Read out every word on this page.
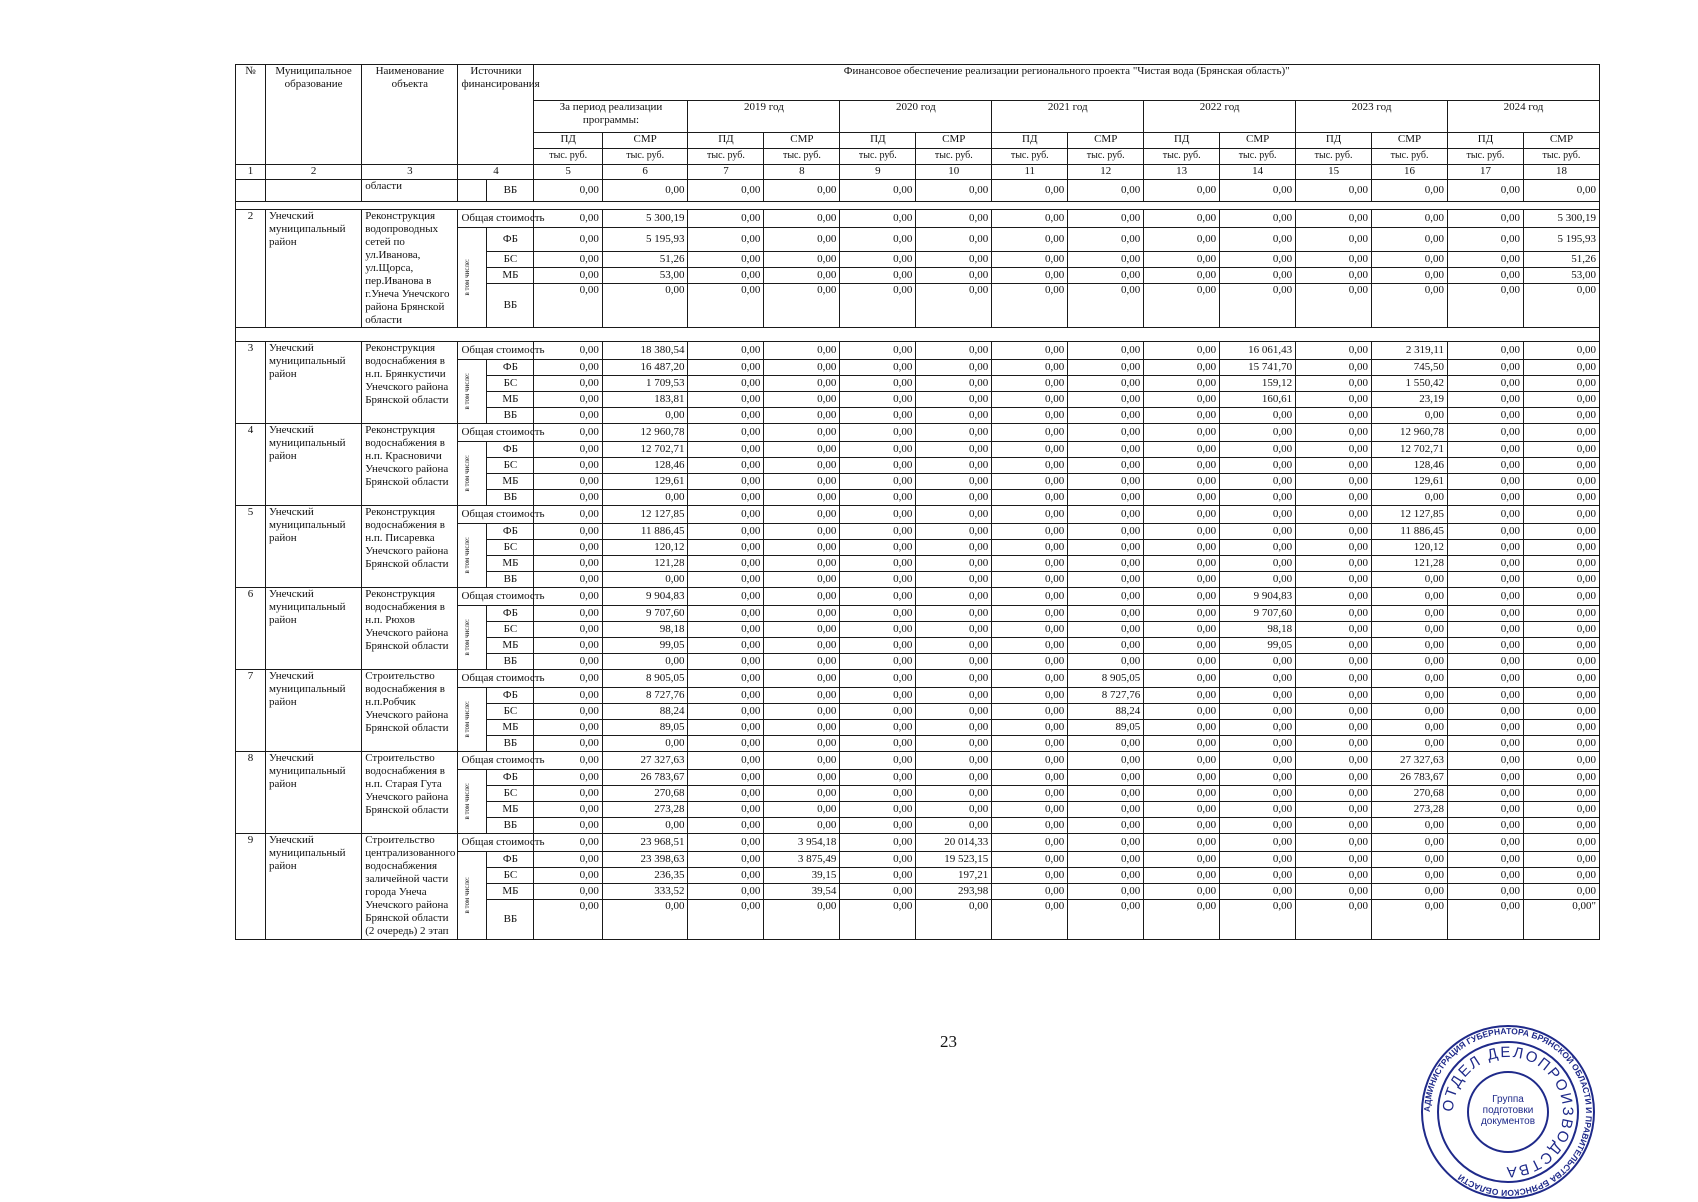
№	Муниципальное образование	Наименование объекта	Источники финансирования		Финансовое обеспечение реализации регионального проекта "Чистая вода (Брянская область)"													
					За период реализации программы:		2019 год		2020 год		2021 год		2022 год		2023 год		2024 год	
					ПД	СМР	ПД	СМР	ПД	СМР	ПД	СМР	ПД	СМР	ПД	СМР	ПД	СМР
					тыс. руб.	тыс. руб.	тыс. руб.	тыс. руб.	тыс. руб.	тыс. руб.	тыс. руб.	тыс. руб.	тыс. руб.	тыс. руб.	тыс. руб.	тыс. руб.	тыс. руб.	тыс. руб.
1	2	3	4		5	6	7	8	9	10	11	12	13	14	15	16	17	18
		области		ВБ	0,00	0,00	0,00	0,00	0,00	0,00	0,00	0,00	0,00	0,00	0,00	0,00	0,00	0,00

2	Унечский муниципальный район	Реконструкция водопроводных сетей по ул.Иванова, ул.Щорса, пер.Иванова в г.Унеча Унечского района Брянской области	Общая стоимость		0,00	5 300,19	0,00	0,00	0,00	0,00	0,00	0,00	0,00	0,00	0,00	0,00	0,00	5 300,19

			в том числе:	ФБ	0,00	5 195,93	0,00	0,00	0,00	0,00	0,00	0,00	0,00	0,00	0,00	0,00	0,00	5 195,93
				БС	0,00	51,26	0,00	0,00	0,00	0,00	0,00	0,00	0,00	0,00	0,00	0,00	0,00	51,26
				МБ	0,00	53,00	0,00	0,00	0,00	0,00	0,00	0,00	0,00	0,00	0,00	0,00	0,00	53,00
				ВБ	0,00	0,00	0,00	0,00	0,00	0,00	0,00	0,00	0,00	0,00	0,00	0,00	0,00	0,00

3	Унечский муниципальный район	Реконструкция водоснабжения в н.п. Брянкустичи Унечского района Брянской области	Общая стоимость		0,00	18 380,54	0,00	0,00	0,00	0,00	0,00	0,00	0,00	16 061,43	0,00	2 319,11	0,00	0,00

			в том числе:	ФБ	0,00	16 487,20	0,00	0,00	0,00	0,00	0,00	0,00	0,00	15 741,70	0,00	745,50	0,00	0,00
				БС	0,00	1 709,53	0,00	0,00	0,00	0,00	0,00	0,00	0,00	159,12	0,00	1 550,42	0,00	0,00
				МБ	0,00	183,81	0,00	0,00	0,00	0,00	0,00	0,00	0,00	160,61	0,00	23,19	0,00	0,00
				ВБ	0,00	0,00	0,00	0,00	0,00	0,00	0,00	0,00	0,00	0,00	0,00	0,00	0,00	0,00
4	Унечский муниципальный район	Реконструкция водоснабжения в н.п. Красновичи Унечского района Брянской области	Общая стоимость		0,00	12 960,78	0,00	0,00	0,00	0,00	0,00	0,00	0,00	0,00	0,00	12 960,78	0,00	0,00

			в том числе:	ФБ	0,00	12 702,71	0,00	0,00	0,00	0,00	0,00	0,00	0,00	0,00	0,00	12 702,71	0,00	0,00
				БС	0,00	128,46	0,00	0,00	0,00	0,00	0,00	0,00	0,00	0,00	0,00	128,46	0,00	0,00
				МБ	0,00	129,61	0,00	0,00	0,00	0,00	0,00	0,00	0,00	0,00	0,00	129,61	0,00	0,00
				ВБ	0,00	0,00	0,00	0,00	0,00	0,00	0,00	0,00	0,00	0,00	0,00	0,00	0,00	0,00
5	Унечский муниципальный район	Реконструкция водоснабжения в н.п. Писаревка Унечского района Брянской области	Общая стоимость		0,00	12 127,85	0,00	0,00	0,00	0,00	0,00	0,00	0,00	0,00	0,00	12 127,85	0,00	0,00

			в том числе:	ФБ	0,00	11 886,45	0,00	0,00	0,00	0,00	0,00	0,00	0,00	0,00	0,00	11 886,45	0,00	0,00
				БС	0,00	120,12	0,00	0,00	0,00	0,00	0,00	0,00	0,00	0,00	0,00	120,12	0,00	0,00
				МБ	0,00	121,28	0,00	0,00	0,00	0,00	0,00	0,00	0,00	0,00	0,00	121,28	0,00	0,00
				ВБ	0,00	0,00	0,00	0,00	0,00	0,00	0,00	0,00	0,00	0,00	0,00	0,00	0,00	0,00
6	Унечский муниципальный район	Реконструкция водоснабжения в н.п. Рюхов Унечского района Брянской области	Общая стоимость		0,00	9 904,83	0,00	0,00	0,00	0,00	0,00	0,00	0,00	9 904,83	0,00	0,00	0,00	0,00

			в том числе:	ФБ	0,00	9 707,60	0,00	0,00	0,00	0,00	0,00	0,00	0,00	9 707,60	0,00	0,00	0,00	0,00
				БС	0,00	98,18	0,00	0,00	0,00	0,00	0,00	0,00	0,00	98,18	0,00	0,00	0,00	0,00
				МБ	0,00	99,05	0,00	0,00	0,00	0,00	0,00	0,00	0,00	99,05	0,00	0,00	0,00	0,00
				ВБ	0,00	0,00	0,00	0,00	0,00	0,00	0,00	0,00	0,00	0,00	0,00	0,00	0,00	0,00
7	Унечский муниципальный район	Строительство водоснабжения в н.п.Робчик Унечского района Брянской области	Общая стоимость		0,00	8 905,05	0,00	0,00	0,00	0,00	0,00	8 905,05	0,00	0,00	0,00	0,00	0,00	0,00

			в том числе:	ФБ	0,00	8 727,76	0,00	0,00	0,00	0,00	0,00	8 727,76	0,00	0,00	0,00	0,00	0,00	0,00
				БС	0,00	88,24	0,00	0,00	0,00	0,00	0,00	88,24	0,00	0,00	0,00	0,00	0,00	0,00
				МБ	0,00	89,05	0,00	0,00	0,00	0,00	0,00	89,05	0,00	0,00	0,00	0,00	0,00	0,00
				ВБ	0,00	0,00	0,00	0,00	0,00	0,00	0,00	0,00	0,00	0,00	0,00	0,00	0,00	0,00
8	Унечский муниципальный район	Строительство водоснабжения в н.п. Старая Гута Унечского района Брянской области	Общая стоимость		0,00	27 327,63	0,00	0,00	0,00	0,00	0,00	0,00	0,00	0,00	0,00	27 327,63	0,00	0,00

			в том числе:	ФБ	0,00	26 783,67	0,00	0,00	0,00	0,00	0,00	0,00	0,00	0,00	0,00	26 783,67	0,00	0,00
				БС	0,00	270,68	0,00	0,00	0,00	0,00	0,00	0,00	0,00	0,00	0,00	270,68	0,00	0,00
				МБ	0,00	273,28	0,00	0,00	0,00	0,00	0,00	0,00	0,00	0,00	0,00	273,28	0,00	0,00
				ВБ	0,00	0,00	0,00	0,00	0,00	0,00	0,00	0,00	0,00	0,00	0,00	0,00	0,00	0,00
9	Унечский муниципальный район	Строительство централизованного водоснабжения заличейной части города Унеча Унечского района Брянской области (2 очередь) 2 этап	Общая стоимость		0,00	23 968,51	0,00	3 954,18	0,00	20 014,33	0,00	0,00	0,00	0,00	0,00	0,00	0,00	0,00

			в том числе:	ФБ	0,00	23 398,63	0,00	3 875,49	0,00	19 523,15	0,00	0,00	0,00	0,00	0,00	0,00	0,00	0,00
				БС	0,00	236,35	0,00	39,15	0,00	197,21	0,00	0,00	0,00	0,00	0,00	0,00	0,00	0,00
				МБ	0,00	333,52	0,00	39,54	0,00	293,98	0,00	0,00	0,00	0,00	0,00	0,00	0,00	0,00
				ВБ	0,00	0,00	0,00	0,00	0,00	0,00	0,00	0,00	0,00	0,00	0,00	0,00	0,00	0,00"
23
АДМИНИСТРАЦИЯ ГУБЕРНАТОРА БРЯНСКОЙ ОБЛАСТИ И ПРАВИТЕЛЬСТВА БРЯНСКОЙ ОБЛАСТИ
ОТДЕЛ ДЕЛОПРОИЗВОДСТВА
Группа подготовки документов
